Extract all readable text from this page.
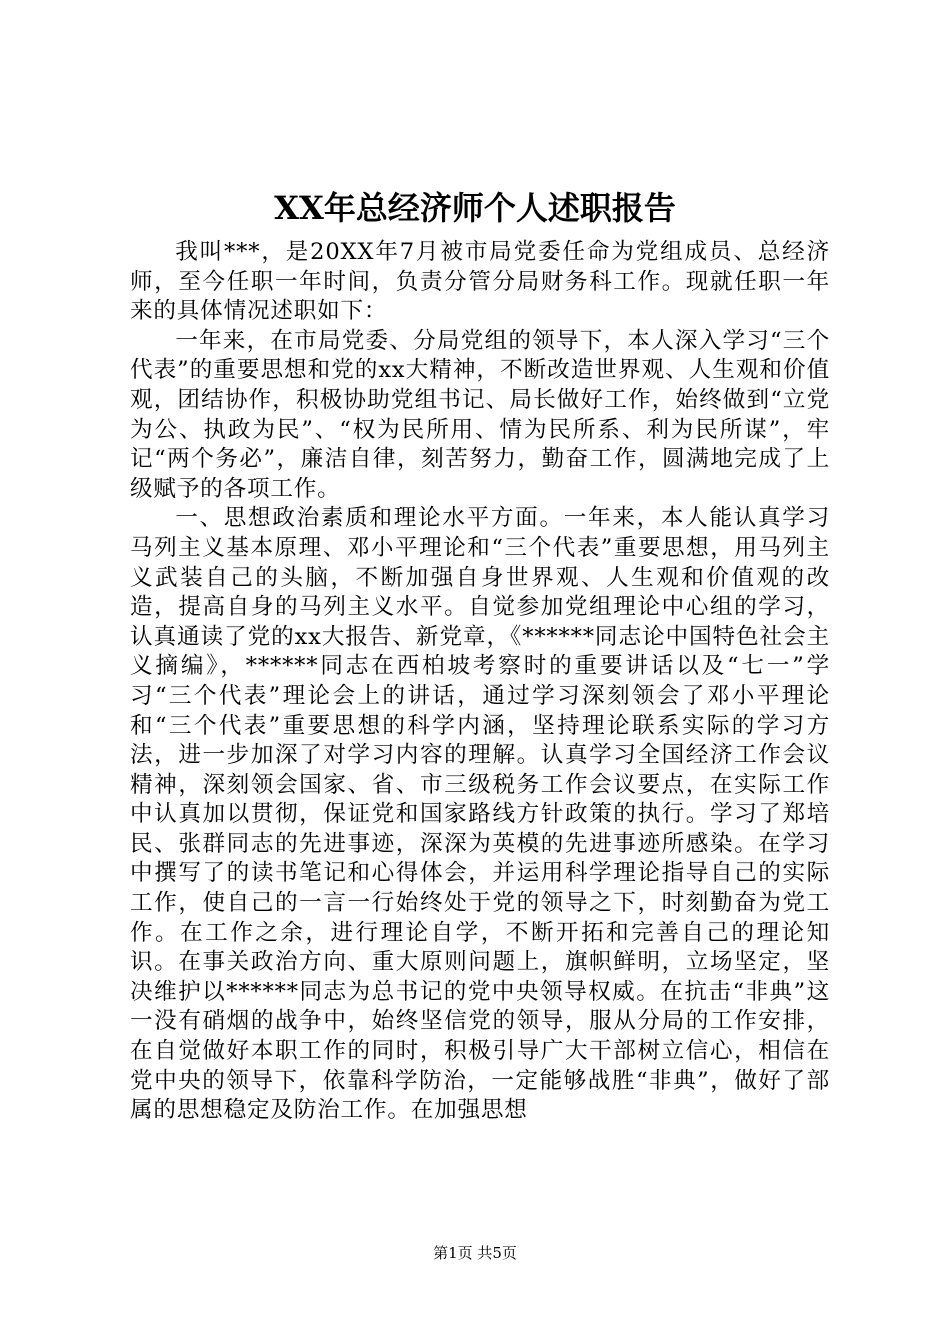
XX年总经济师个人述职报告

我叫***，是20XX年7月被市局党委任命为党组成员、总经济师，至今任职一年时间，负责分管分局财务科工作。现就任职一年来的具体情况述职如下：

一年来，在市局党委、分局党组的领导下，本人深入学习“三个代表”的重要思想和党的xx大精神，不断改造世界观、人生观和价值观，团结协作，积极协助党组书记、局长做好工作，始终做到“立党为公、执政为民”、“权为民所用、情为民所系、利为民所谋”，牢记“两个务必”，廉洁自律，刻苦努力，勤奋工作，圆满地完成了上级赋予的各项工作。

一、思想政治素质和理论水平方面。一年来，本人能认真学习马列主义基本原理、邓小平理论和“三个代表”重要思想，用马列主义武装自己的头脑，不断加强自身世界观、人生观和价值观的改造，提高自身的马列主义水平。自觉参加党组理论中心组的学习，认真通读了党的xx大报告、新党章，《******同志论中国特色社会主义摘编》，******同志在西柏坡考察时的重要讲话以及“七一”学习“三个代表”理论会上的讲话，通过学习深刻领会了邓小平理论和“三个代表”重要思想的科学内涵，坚持理论联系实际的学习方法，进一步加深了对学习内容的理解。认真学习全国经济工作会议精神，深刻领会国家、省、市三级税务工作会议要点，在实际工作中认真加以贯彻，保证党和国家路线方针政策的执行。学习了郑培民、张群同志的先进事迹，深深为英模的先进事迹所感染。在学习中撰写了的读书笔记和心得体会，并运用科学理论指导自己的实际工作，使自己的一言一行始终处于党的领导之下，时刻勤奋为党工作。在工作之余，进行理论自学，不断开拓和完善自己的理论知识。在事关政治方向、重大原则问题上，旗帜鲜明，立场坚定，坚决维护以******同志为总书记的党中央领导权威。在抗击“非典”这一没有硝烟的战争中，始终坚信党的领导，服从分局的工作安排，在自觉做好本职工作的同时，积极引导广大干部树立信心，相信在党中央的领导下，依靠科学防治，一定能够战胜“非典”，做好了部属的思想稳定及防治工作。在加强思想

第1页 共5页
